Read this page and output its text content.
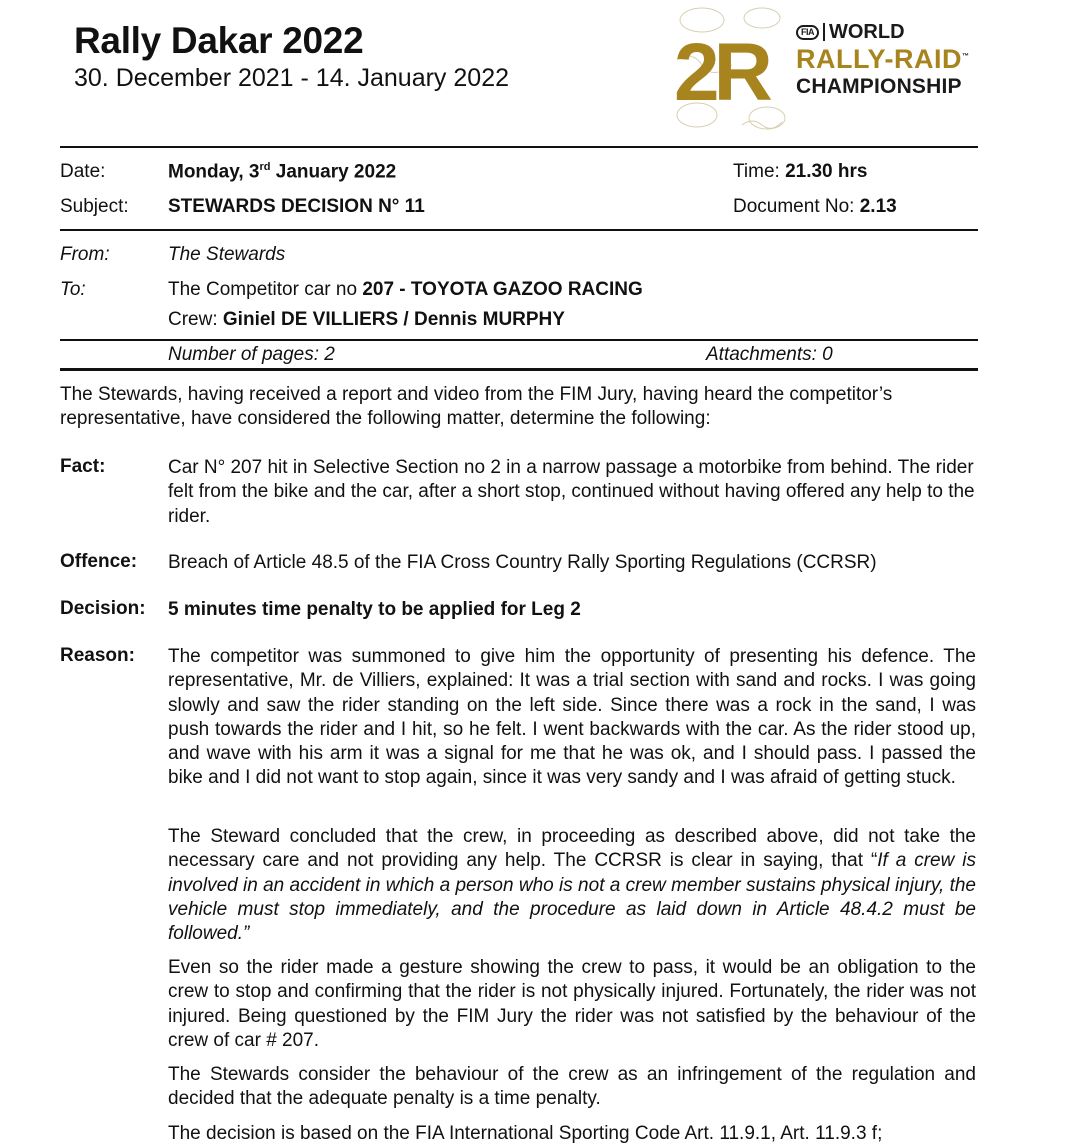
Rally Dakar 2022
30. December 2021 - 14. January 2022 2R	FIA WORLD
RALLY-RAID™
CHAMPIONSHIP
Date:	Monday, 3rd January 2022	Time: 21.30 hrs
Subject: STEWARDS DECISION N° 11	Document No: 2.13
From:	The Stewards
To:	The Competitor car no 207 - TOYOTA GAZOO RACING
Crew: Giniel DE VILLIERS / Dennis MURPHY
Number of pages: 2	Attachments: 0
The Stewards, having received a report and video from the FIM Jury, having heard the competitor’s representative, have considered the following matter, determine the following:
Fact:	Car N° 207 hit in Selective Section no 2 in a narrow passage a motorbike from behind. The rider felt from the bike and the car, after a short stop, continued without having offered any help to the rider.
Offence: Breach of Article 48.5 of the FIA Cross Country Rally Sporting Regulations (CCRSR)
Decision: 5 minutes time penalty to be applied for Leg 2
Reason: The competitor was summoned to give him the opportunity of presenting his defence. The representative, Mr. de Villiers, explained: It was a trial section with sand and rocks. I was going slowly and saw the rider standing on the left side. Since there was a rock in the sand, I was push towards the rider and I hit, so he felt. I went backwards with the car. As the rider stood up, and wave with his arm it was a signal for me that he was ok, and I should pass. I passed the bike and I did not want to stop again, since it was very sandy and I was afraid of getting stuck.
The Steward concluded that the crew, in proceeding as described above, did not take the necessary care and not providing any help. The CCRSR is clear in saying, that “If a crew is involved in an accident in which a person who is not a crew member sustains physical injury, the vehicle must stop immediately, and the procedure as laid down in Article 48.4.2 must be followed.”
Even so the rider made a gesture showing the crew to pass, it would be an obligation to the crew to stop and confirming that the rider is not physically injured. Fortunately, the rider was not injured. Being questioned by the FIM Jury the rider was not satisfied by the behaviour of the crew of car # 207.
The Stewards consider the behaviour of the crew as an infringement of the regulation and decided that the adequate penalty is a time penalty.
The decision is based on the FIA International Sporting Code Art. 11.9.1, Art. 11.9.3 f;
